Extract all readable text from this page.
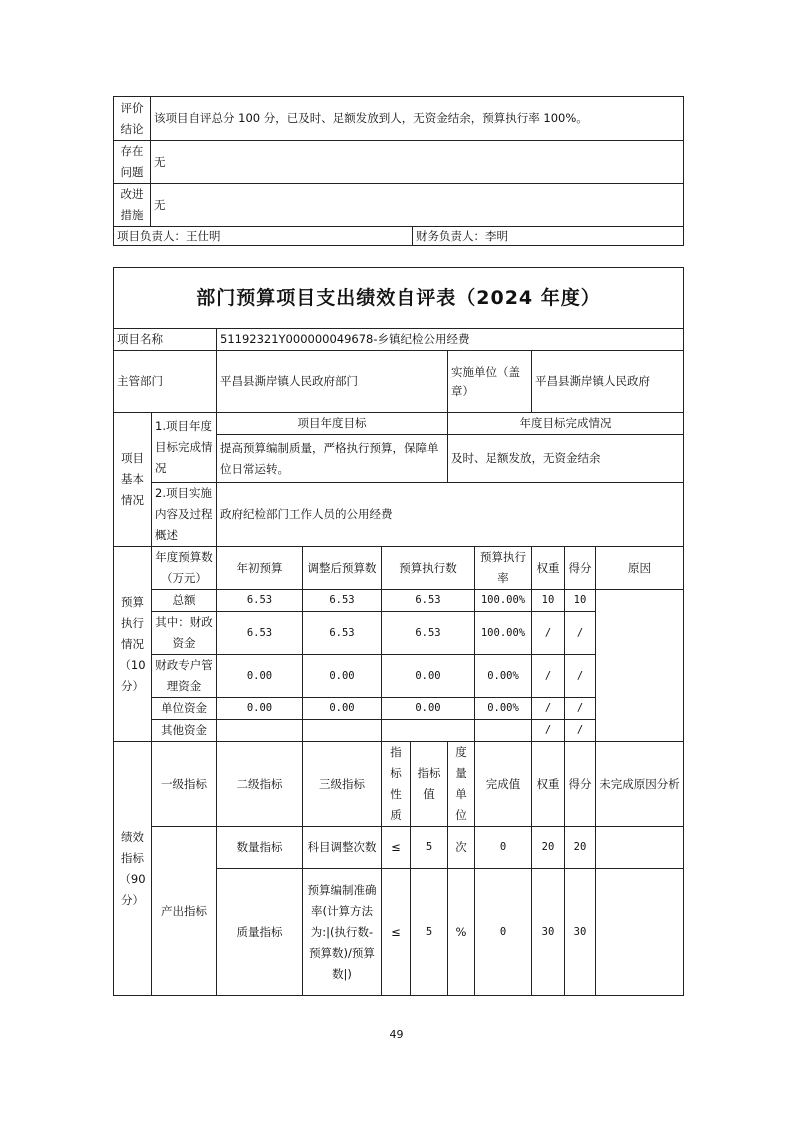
评价结论	该项目自评总分 100 分，已及时、足额发放到人，无资金结余，预算执行率 100%。
存在问题	无
改进措施	无
项目负责人：王仕明	财务负责人：李明
部门预算项目支出绩效自评表（2024 年度）										
项目名称		51192321Y000000049678-乡镇纪检公用经费								
主管部门		平昌县澌岸镇人民政府部门				实施单位（盖章）		平昌县澌岸镇人民政府		
项目基本情况	1.项目年度目标完成情况	项目年度目标				年度目标完成情况				
		提高预算编制质量，严格执行预算，保障单位日常运转。				及时、足额发放，无资金结余				
	2.项目实施内容及过程概述	政府纪检部门工作人员的公用经费								
预算执行情况（10分）	年度预算数（万元）	年初预算	调整后预算数	预算执行数			预算执行率	权重	得分	原因
	总额	6.53	6.53	6.53			100.00%	10	10	
	其中：财政资金	6.53	6.53	6.53			100.00%	/	/	
	财政专户管理资金	0.00	0.00	0.00			0.00%	/	/	
	单位资金	0.00	0.00	0.00			0.00%	/	/	
	其他资金							/	/	
绩效指标（90分）	一级指标	二级指标	三级指标	指标性质	指标值	度量单位	完成值	权重	得分	未完成原因分析
	产出指标	数量指标	科目调整次数	≤	5	次	0	20	20	
		质量指标	预算编制准确率(计算方法为:|(执行数-预算数)/预算数|)	≤	5	%	0	30	30	
49
